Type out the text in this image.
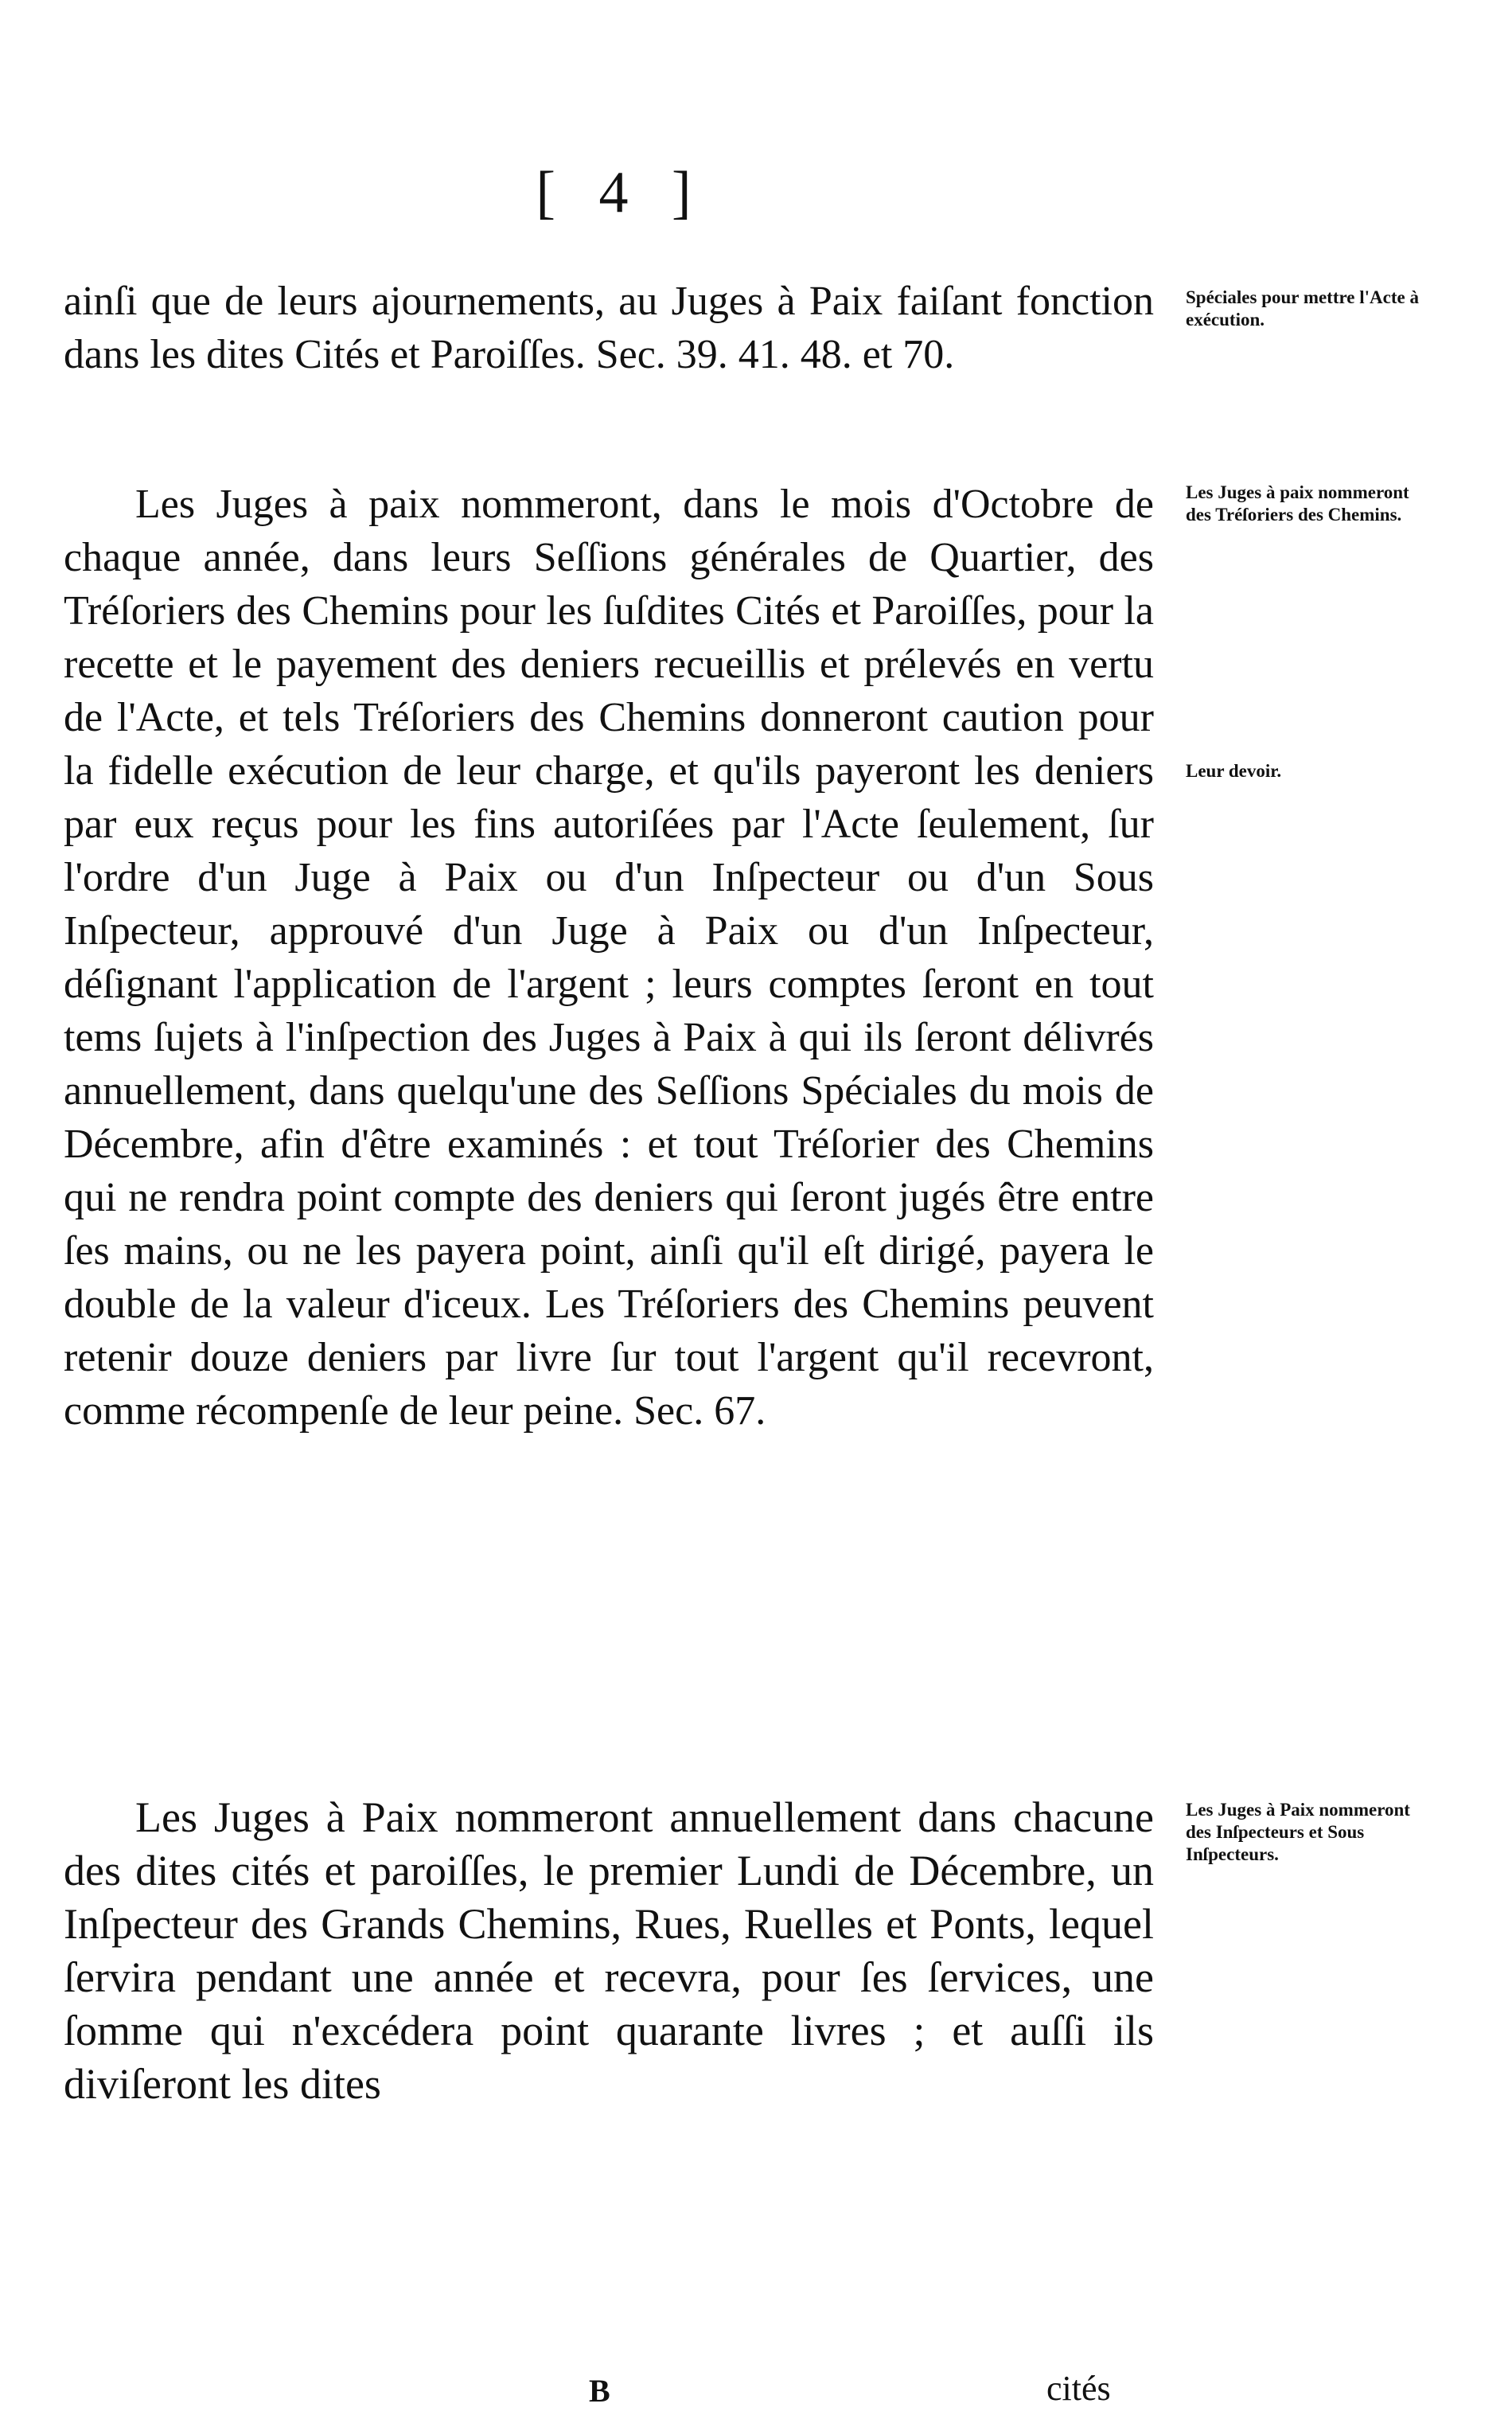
[ 4 ]
ainſi que de leurs ajournements, au Juges à Paix faiſant fonction dans les dites Cités et Paroiſſes. Sec. 39. 41. 48. et 70.
Les Juges à paix nommeront, dans le mois d'Octobre de chaque année, dans leurs Seſſions générales de Quartier, des Tréſoriers des Chemins pour les ſuſdites Cités et Paroiſſes, pour la recette et le payement des deniers recueillis et prélevés en vertu de l'Acte, et tels Tréſoriers des Chemins donneront caution pour la fidelle exécution de leur charge, et qu'ils payeront les deniers par eux reçus pour les fins autoriſées par l'Acte ſeulement, ſur l'ordre d'un Juge à Paix ou d'un Inſpecteur ou d'un Sous Inſpecteur, approuvé d'un Juge à Paix ou d'un Inſpecteur, déſignant l'application de l'argent ; leurs comptes ſeront en tout tems ſujets à l'inſpection des Juges à Paix à qui ils ſeront délivrés annuellement, dans quelqu'une des Seſſions Spéciales du mois de Décembre, afin d'être examinés : et tout Tréſorier des Chemins qui ne rendra point compte des deniers qui ſeront jugés être entre ſes mains, ou ne les payera point, ainſi qu'il eſt dirigé, payera le double de la valeur d'iceux. Les Tréſoriers des Chemins peuvent retenir douze deniers par livre ſur tout l'argent qu'il recevront, comme récompenſe de leur peine. Sec. 67.
Les Juges à Paix nommeront annuellement dans chacune des dites cités et paroiſſes, le premier Lundi de Décembre, un Inſpecteur des Grands Chemins, Rues, Ruelles et Ponts, lequel ſervira pendant une année et recevra, pour ſes ſervices, une ſomme qui n'excédera point quarante livres ; et auſſi ils diviſeront les dites
Spéciales pour mettre l'Acte à exécution.
Les Juges à paix nommeront des Tréſoriers des Chemins.
Leur devoir.
Les Juges à Paix nommeront des Inſpecteurs et Sous Inſpecteurs.
B	cités
